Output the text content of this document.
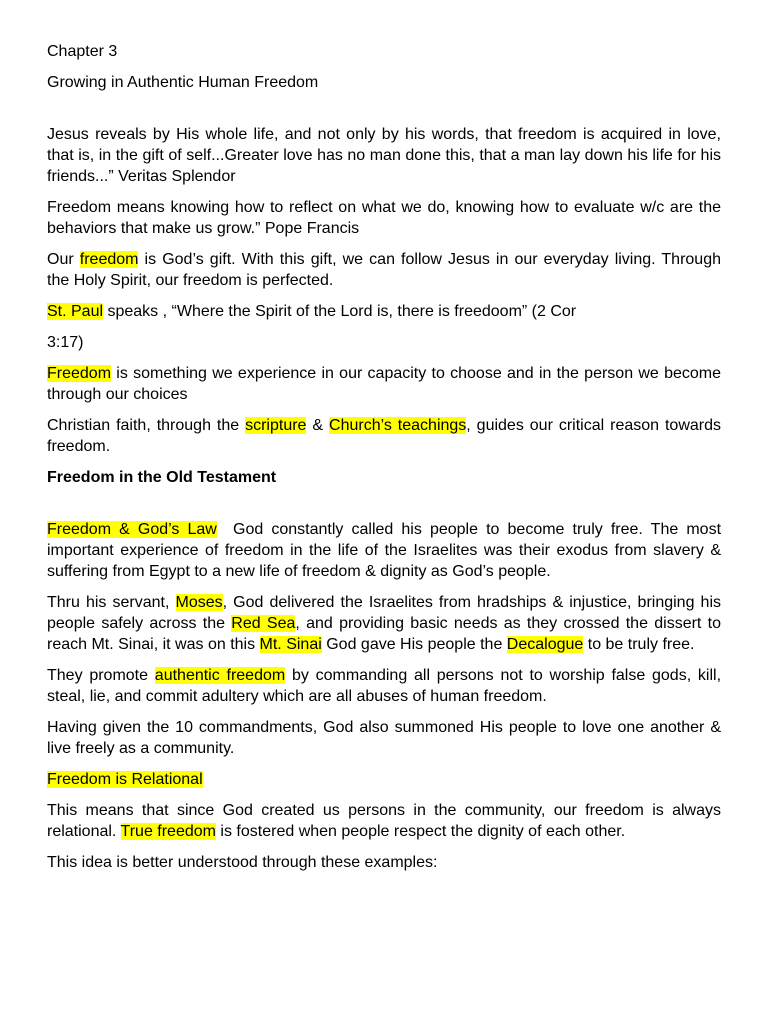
Chapter 3

Growing in Authentic Human Freedom

Jesus reveals by His whole life, and not only by his words, that freedom is acquired in love, that is, in the gift of self...Greater love has no man done this, that a man lay down his life for his friends...” Veritas Splendor

Freedom means knowing how to reflect on what we do, knowing how to evaluate w/c are the behaviors that make us grow.” Pope Francis

Our freedom is God’s gift. With this gift, we can follow Jesus in our everyday living. Through the Holy Spirit, our freedom is perfected.

St. Paul speaks , “Where the Spirit of the Lord is, there is freedoom” (2 Cor

3:17)

Freedom is something we experience in our capacity to choose and in the person we become through our choices

Christian faith, through the scripture & Church’s teachings, guides our critical reason towards freedom.

Freedom in the Old Testament

Freedom & God’s Law  God constantly called his people to become truly free. The most important experience of freedom in the life of the Israelites was their exodus from slavery & suffering from Egypt to a new life of freedom & dignity as God’s people.

Thru his servant, Moses, God delivered the Israelites from hradships & injustice, bringing his people safely across the Red Sea, and providing basic needs as they crossed the dissert to reach Mt. Sinai, it was on this Mt. Sinai God gave His people the Decalogue to be truly free.

They promote authentic freedom by commanding all persons not to worship false gods, kill, steal, lie, and commit adultery which are all abuses of human freedom.

Having given the 10 commandments, God also summoned His people to love one another & live freely as a community.

Freedom is Relational

This means that since God created us persons in the community, our freedom is always relational. True freedom is fostered when people respect the dignity of each other.

This idea is better understood through these examples:
